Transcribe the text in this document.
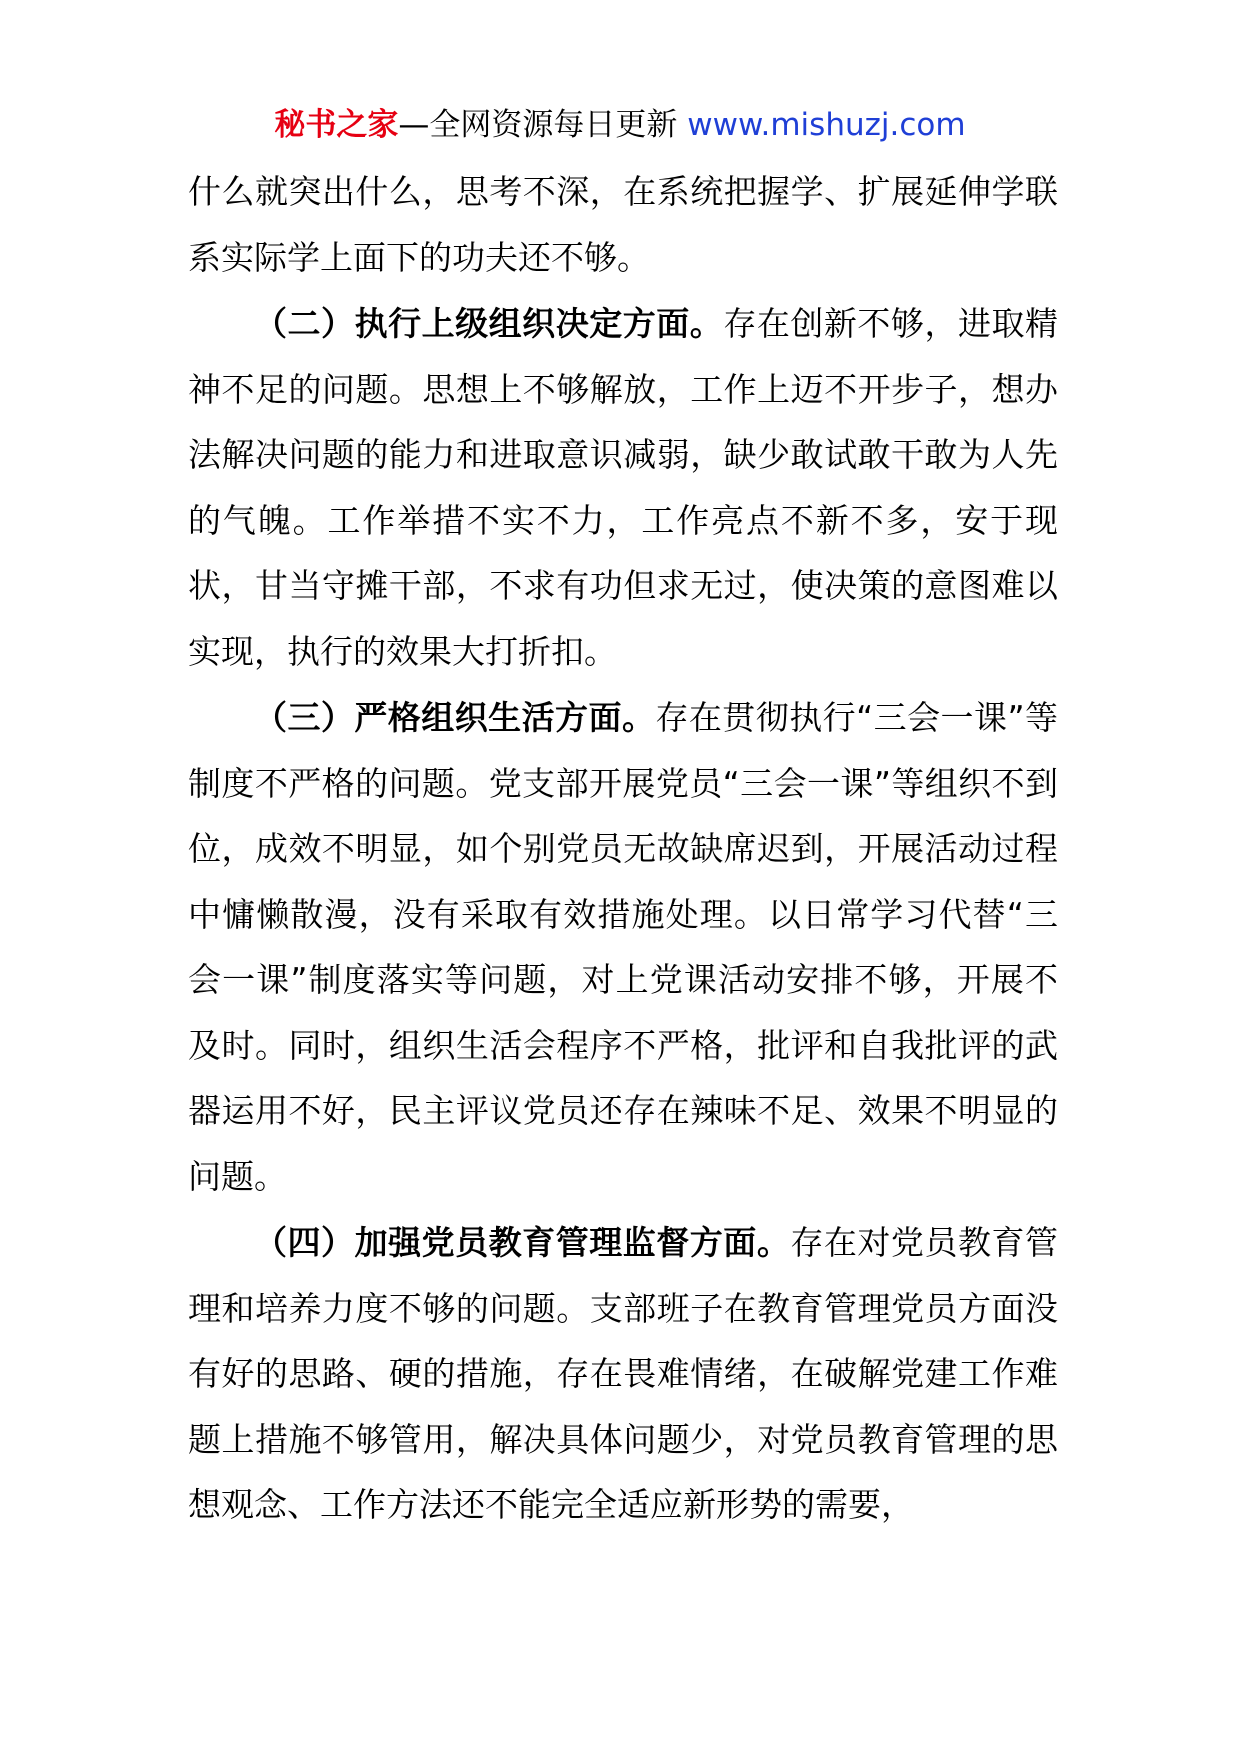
秘书之家—全网资源每日更新 www.mishuzj.com

什么就突出什么，思考不深，在系统把握学、扩展延伸学联系实际学上面下的功夫还不够。

（二）执行上级组织决定方面。存在创新不够，进取精神不足的问题。思想上不够解放，工作上迈不开步子，想办法解决问题的能力和进取意识减弱，缺少敢试敢干敢为人先的气魄。工作举措不实不力，工作亮点不新不多，安于现状，甘当守摊干部，不求有功但求无过，使决策的意图难以实现，执行的效果大打折扣。

（三）严格组织生活方面。存在贯彻执行“三会一课”等制度不严格的问题。党支部开展党员“三会一课”等组织不到位，成效不明显，如个别党员无故缺席迟到，开展活动过程中慵懒散漫，没有采取有效措施处理。以日常学习代替“三会一课”制度落实等问题，对上党课活动安排不够，开展不及时。同时，组织生活会程序不严格，批评和自我批评的武器运用不好，民主评议党员还存在辣味不足、效果不明显的问题。

（四）加强党员教育管理监督方面。存在对党员教育管理和培养力度不够的问题。支部班子在教育管理党员方面没有好的思路、硬的措施，存在畏难情绪，在破解党建工作难题上措施不够管用，解决具体问题少，对党员教育管理的思想观念、工作方法还不能完全适应新形势的需要，
